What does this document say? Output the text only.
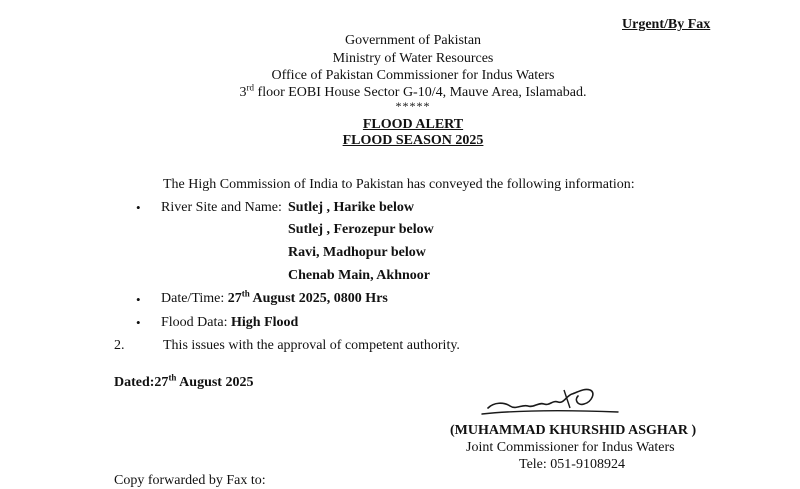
Urgent/By Fax
Government of Pakistan
Ministry of Water Resources
Office of Pakistan Commissioner for Indus Waters
3rd floor EOBI House Sector G-10/4, Mauve Area, Islamabad.
*****
FLOOD ALERT
FLOOD SEASON 2025
The High Commission of India to Pakistan has conveyed the following information:
• River Site and Name: Sutlej , Harike below
Sutlej , Ferozepur below
Ravi, Madhopur below
Chenab Main, Akhnoor
• Date/Time: 27th August 2025, 0800 Hrs
• Flood Data: High Flood
2.	This issues with the approval of competent authority.
Dated:27th August 2025
(MUHAMMAD KHURSHID ASGHAR )
Joint Commissioner for Indus Waters
Tele: 051-9108924
Copy forwarded by Fax to:
